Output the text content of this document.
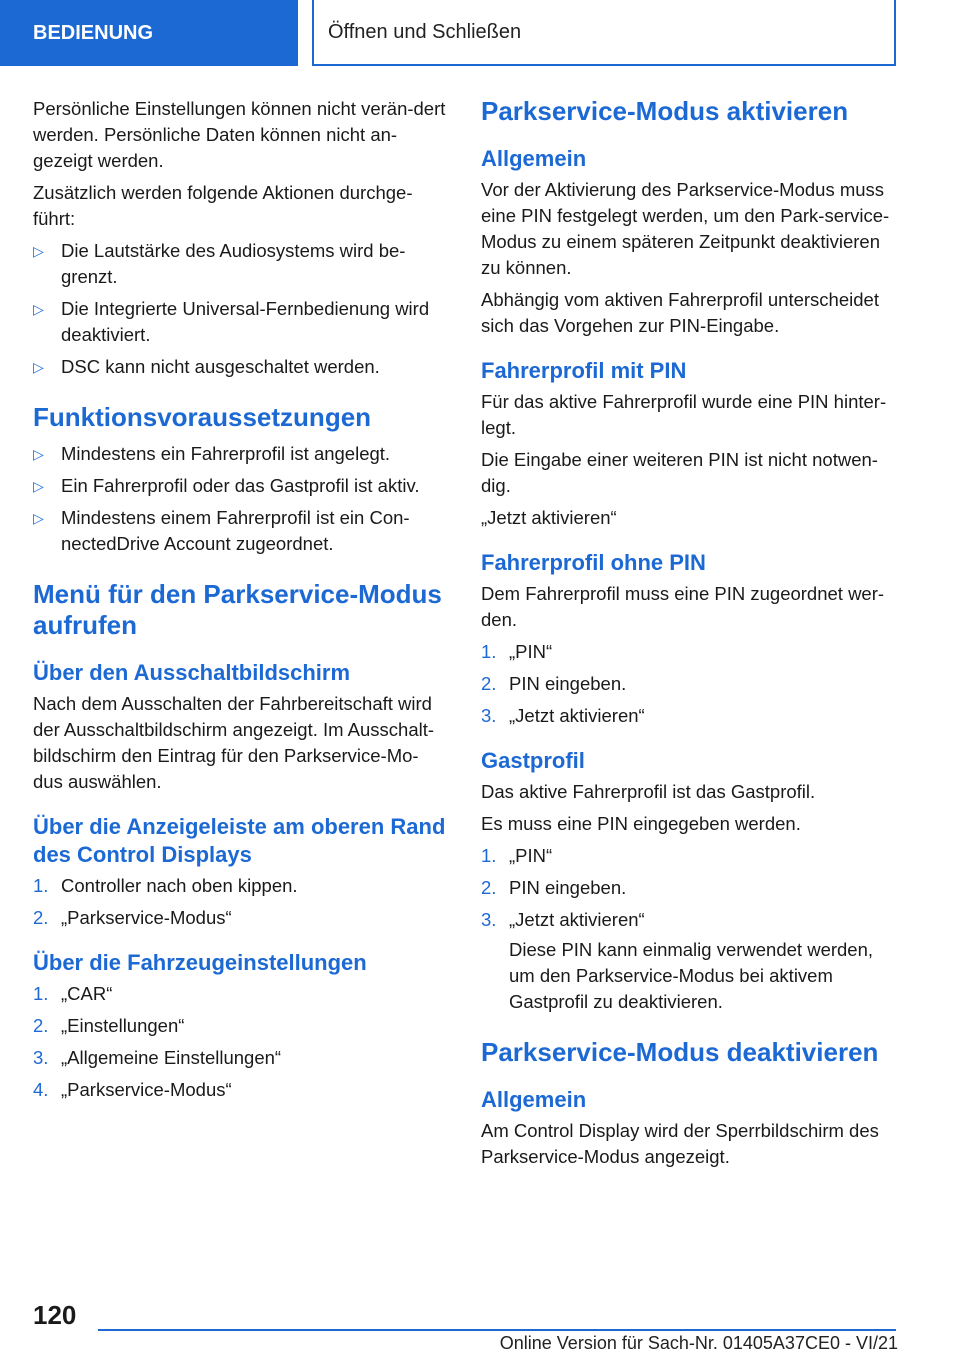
BEDIENUNG	Öffnen und Schließen

Persönliche Einstellungen können nicht verän-dert werden. Persönliche Daten können nicht an-gezeigt werden.

Zusätzlich werden folgende Aktionen durchge-führt:

▷ Die Lautstärke des Audiosystems wird be-grenzt.
▷ Die Integrierte Universal-Fernbedienung wird deaktiviert.
▷ DSC kann nicht ausgeschaltet werden.
Funktionsvoraussetzungen
▷ Mindestens ein Fahrerprofil ist angelegt.
▷ Ein Fahrerprofil oder das Gastprofil ist aktiv.
▷ Mindestens einem Fahrerprofil ist ein Con-nectedDrive Account zugeordnet.
Menü für den Parkservice-Modus aufrufen
Über den Ausschaltbildschirm

Nach dem Ausschalten der Fahrbereitschaft wird der Ausschaltbildschirm angezeigt. Im Ausschalt-bildschirm den Eintrag für den Parkservice-Mo-dus auswählen.

Über die Anzeigeleiste am oberen Rand des Control Displays
1. Controller nach oben kippen.
2. „Parkservice-Modus“
Über die Fahrzeugeinstellungen
1. „CAR“
2. „Einstellungen“
3. „Allgemeine Einstellungen“
4. „Parkservice-Modus“
Parkservice-Modus aktivieren
Allgemein

Vor der Aktivierung des Parkservice-Modus muss eine PIN festgelegt werden, um den Park-service-Modus zu einem späteren Zeitpunkt deaktivieren zu können.

Abhängig vom aktiven Fahrerprofil unterscheidet sich das Vorgehen zur PIN-Eingabe.

Fahrerprofil mit PIN

Für das aktive Fahrerprofil wurde eine PIN hinter-legt.

Die Eingabe einer weiteren PIN ist nicht notwen-dig.

„Jetzt aktivieren“

Fahrerprofil ohne PIN

Dem Fahrerprofil muss eine PIN zugeordnet wer-den.

1. „PIN“
2. PIN eingeben.
3. „Jetzt aktivieren“
Gastprofil

Das aktive Fahrerprofil ist das Gastprofil.

Es muss eine PIN eingegeben werden.

1. „PIN“
2. PIN eingeben.
3. „Jetzt aktivieren“
Diese PIN kann einmalig verwendet werden, um den Parkservice-Modus bei aktivem Gastprofil zu deaktivieren.
Parkservice-Modus deaktivieren
Allgemein

Am Control Display wird der Sperrbildschirm des Parkservice-Modus angezeigt.

120
Online Version für Sach-Nr. 01405A37CE0 - VI/21
